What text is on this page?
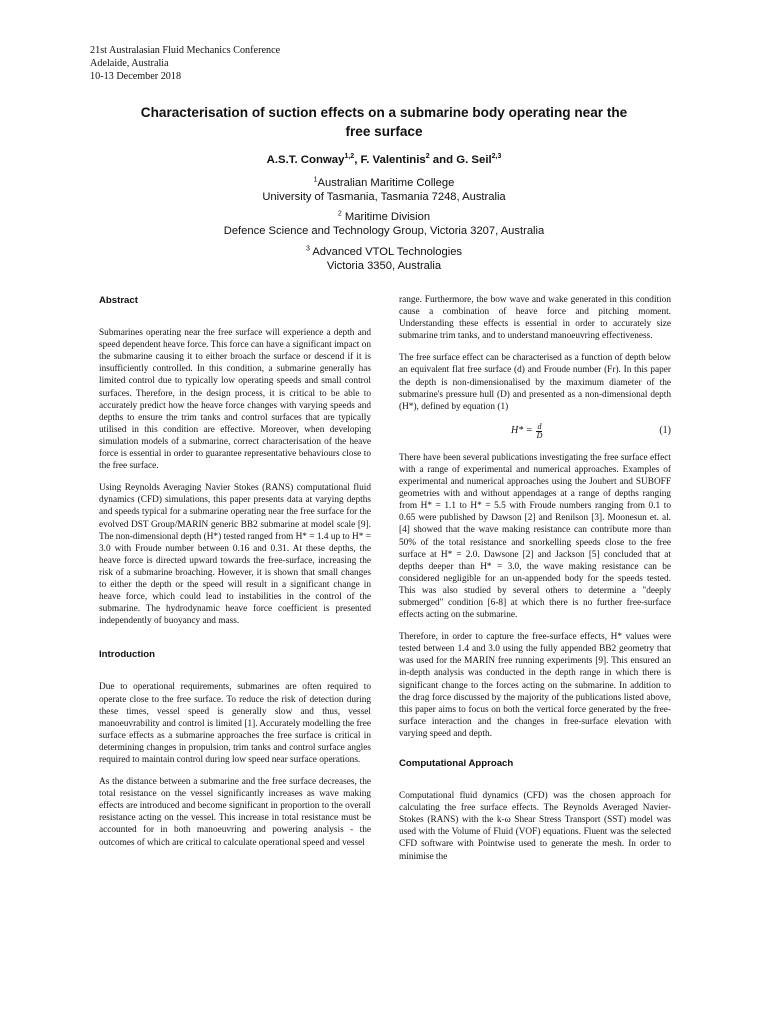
21st Australasian Fluid Mechanics Conference
Adelaide, Australia
10-13 December 2018
Characterisation of suction effects on a submarine body operating near the
free surface
A.S.T. Conway$^{1,2}$, F. Valentinis$^2$ and G. Seil$^{2,3}$
$^1$Australian Maritime College
University of Tasmania, Tasmania 7248, Australia
$^2$ Maritime Division
Defence Science and Technology Group, Victoria 3207, Australia
$^3$ Advanced VTOL Technologies
Victoria 3350, Australia
Abstract

Submarines operating near the free surface will experience a depth and speed dependent heave force. This force can have a significant impact on the submarine causing it to either broach the surface or descend if it is insufficiently controlled. In this condition, a submarine generally has limited control due to typically low operating speeds and small control surfaces. Therefore, in the design process, it is critical to be able to accurately predict how the heave force changes with varying speeds and depths to ensure the trim tanks and control surfaces that are typically utilised in this condition are effective. Moreover, when developing simulation models of a submarine, correct characterisation of the heave force is essential in order to guarantee representative behaviours close to the free surface.

Using Reynolds Averaging Navier Stokes (RANS) computational fluid dynamics (CFD) simulations, this paper presents data at varying depths and speeds typical for a submarine operating near the free surface for the evolved DST Group/MARIN generic BB2 submarine at model scale [9]. The non-dimensional depth (H*) tested ranged from H* = 1.4 up to H* = 3.0 with Froude number between 0.16 and 0.31. At these depths, the heave force is directed upward towards the free-surface, increasing the risk of a submarine broaching. However, it is shown that small changes to either the depth or the speed will result in a significant change in heave force, which could lead to instabilities in the control of the submarine. The hydrodynamic heave force coefficient is presented independently of buoyancy and mass.

Introduction

Due to operational requirements, submarines are often required to operate close to the free surface. To reduce the risk of detection during these times, vessel speed is generally slow and thus, vessel manoeuvrability and control is limited [1]. Accurately modelling the free surface effects as a submarine approaches the free surface is critical in determining changes in propulsion, trim tanks and control surface angles required to maintain control during low speed near surface operations.

As the distance between a submarine and the free surface decreases, the total resistance on the vessel significantly increases as wave making effects are introduced and become significant in proportion to the overall resistance acting on the vessel. This increase in total resistance must be accounted for in both manoeuvring and powering analysis - the outcomes of which are critical to calculate operational speed and vessel

range. Furthermore, the bow wave and wake generated in this condition cause a combination of heave force and pitching moment. Understanding these effects is essential in order to accurately size submarine trim tanks, and to understand manoeuvring effectiveness.

The free surface effect can be characterised as a function of depth below an equivalent flat free surface (d) and Froude number (Fr). In this paper the depth is non-dimensionalised by the maximum diameter of the submarine's pressure hull (D) and presented as a non-dimensional depth (H*), defined by equation (1)

$H* = \frac{d}{D}$	(1)

There have been several publications investigating the free surface effect with a range of experimental and numerical approaches. Examples of experimental and numerical approaches using the Joubert and SUBOFF geometries with and without appendages at a range of depths ranging from H* = 1.1 to H* = 5.5 with Froude numbers ranging from 0.1 to 0.65 were published by Dawson [2] and Renilson [3]. Moonesun et. al. [4] showed that the wave making resistance can contribute more than 50% of the total resistance and snorkelling speeds close to the free surface at H* = 2.0. Dawsone [2] and Jackson [5] concluded that at depths deeper than H* = 3.0, the wave making resistance can be considered negligible for an un-appended body for the speeds tested. This was also studied by several others to determine a "deeply submerged" condition [6-8] at which there is no further free-surface effects acting on the submarine.

Therefore, in order to capture the free-surface effects, H* values were tested between 1.4 and 3.0 using the fully appended BB2 geometry that was used for the MARIN free running experiments [9]. This ensured an in-depth analysis was conducted in the depth range in which there is significant change to the forces acting on the submarine. In addition to the drag force discussed by the majority of the publications listed above, this paper aims to focus on both the vertical force generated by the free-surface interaction and the changes in free-surface elevation with varying speed and depth.

Computational Approach

Computational fluid dynamics (CFD) was the chosen approach for calculating the free surface effects. The Reynolds Averaged Navier-Stokes (RANS) with the k-ω Shear Stress Transport (SST) model was used with the Volume of Fluid (VOF) equations. Fluent was the selected CFD software with Pointwise used to generate the mesh. In order to minimise the
